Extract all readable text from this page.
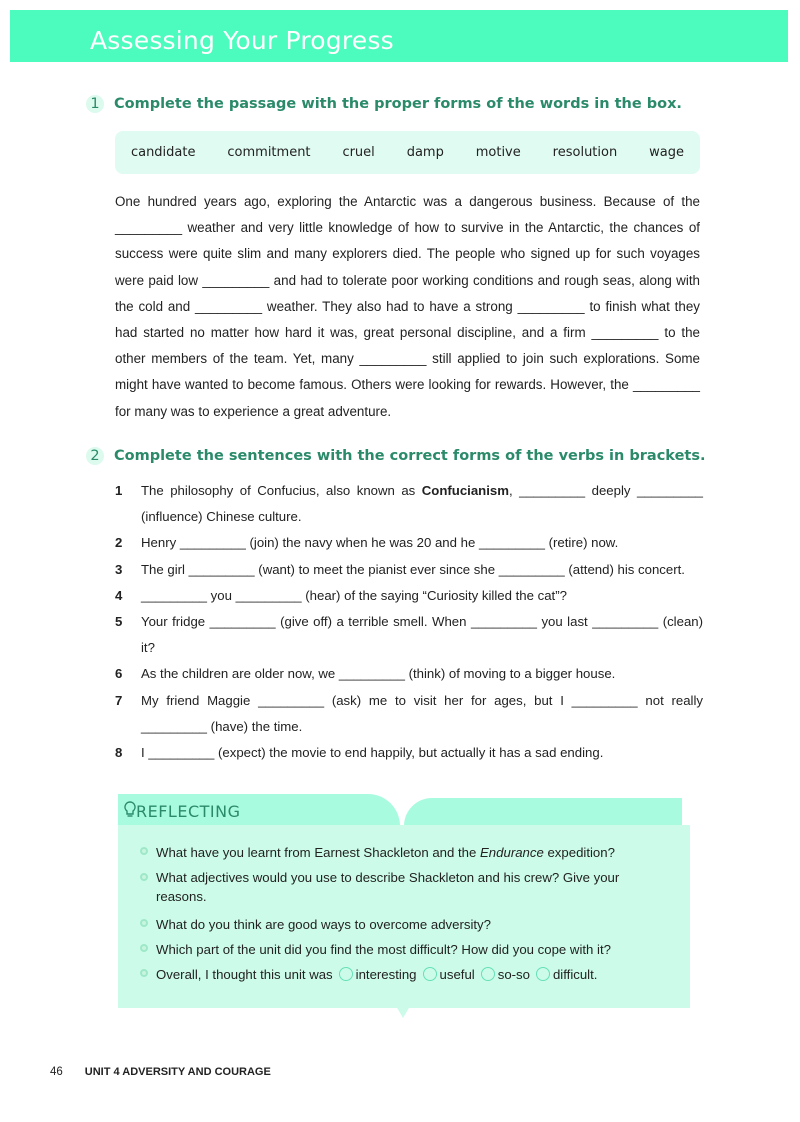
Assessing Your Progress
1 Complete the passage with the proper forms of the words in the box.
candidate commitment cruel damp motive resolution wage
One hundred years ago, exploring the Antarctic was a dangerous business. Because of the _________ weather and very little knowledge of how to survive in the Antarctic, the chances of success were quite slim and many explorers died. The people who signed up for such voyages were paid low _________ and had to tolerate poor working conditions and rough seas, along with the cold and _________ weather. They also had to have a strong _________ to finish what they had started no matter how hard it was, great personal discipline, and a firm _________ to the other members of the team. Yet, many _________ still applied to join such explorations. Some might have wanted to become famous. Others were looking for rewards. However, the _________ for many was to experience a great adventure.
2 Complete the sentences with the correct forms of the verbs in brackets.
1	The philosophy of Confucius, also known as Confucianism, _________ deeply _________ (influence) Chinese culture.
2	Henry _________ (join) the navy when he was 20 and he _________ (retire) now.
3	The girl _________ (want) to meet the pianist ever since she _________ (attend) his concert.
4	_________ you _________ (hear) of the saying “Curiosity killed the cat”?
5	Your fridge _________ (give off) a terrible smell. When _________ you last _________ (clean) it?
6	As the children are older now, we _________ (think) of moving to a bigger house.
7	My friend Maggie _________ (ask) me to visit her for ages, but I _________ not really _________ (have) the time.
8	I _________ (expect) the movie to end happily, but actually it has a sad ending.
REFLECTING
What have you learnt from Earnest Shackleton and the Endurance expedition?
What adjectives would you use to describe Shackleton and his crew? Give your reasons.
What do you think are good ways to overcome adversity?
Which part of the unit did you find the most difficult? How did you cope with it?
Overall, I thought this unit was interesting useful so-so difficult.
46 UNIT 4 ADVERSITY AND COURAGE
